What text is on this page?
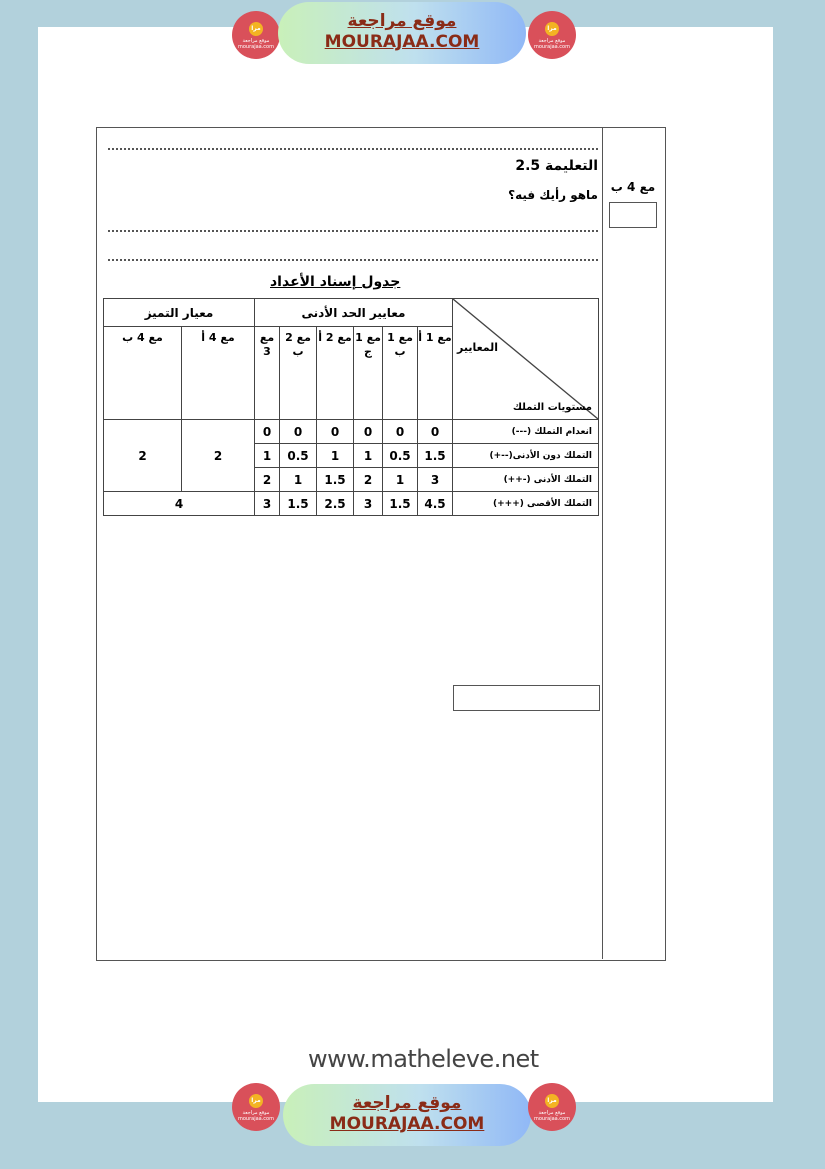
مرا
موقع مراجعة
mourajaa.com
موقع مراجعة
MOURAJAA.COM
مرا
موقع مراجعة
mourajaa.com
مع 4 ب
التعليمة 2.5
ماهو رأيك فيه؟
جدول إسناد الأعداد
المعايير
مستويات التملك	معايير الحد الأدنى						معيار التميز	
	مع 1 أ	مع 1 ب	مع 1 ج	مع 2 أ	مع 2 ب	مع 3	مع 4 أ	مع 4 ب
انعدام التملك (---)	0	0	0	0	0	0	2	2
التملك دون الأدنى(--+)	1.5	0.5	1	1	0.5	1		
التملك الأدنى (-++)	3	1	2	1.5	1	2		
التملك الأقصى (+++)	4.5	1.5	3	2.5	1.5	3	4	
www.matheleve.net
مرا
موقع مراجعة
mourajaa.com
موقع مراجعة
MOURAJAA.COM
مرا
موقع مراجعة
mourajaa.com
